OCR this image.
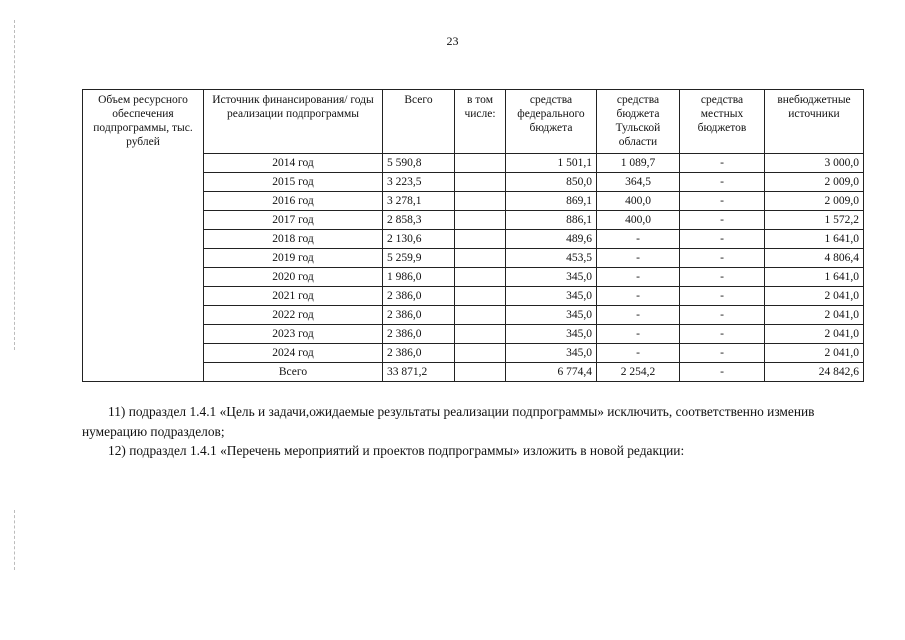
23
Объем ресурсного обеспечения подпрограммы, тыс. рублей	Источник финансирования/ годы реализации подпрограммы	Всего	в том числе:	средства федерального бюджета	средства бюджета Тульской области	средства местных бюджетов	внебюджетные источники
	2014 год	5 590,8		1 501,1	1 089,7	-	3 000,0
	2015 год	3 223,5		850,0	364,5	-	2 009,0
	2016 год	3 278,1		869,1	400,0	-	2 009,0
	2017 год	2 858,3		886,1	400,0	-	1 572,2
	2018 год	2 130,6		489,6	-	-	1 641,0
	2019 год	5 259,9		453,5	-	-	4 806,4
	2020 год	1 986,0		345,0	-	-	1 641,0
	2021 год	2 386,0		345,0	-	-	2 041,0
	2022 год	2 386,0		345,0	-	-	2 041,0
	2023 год	2 386,0		345,0	-	-	2 041,0
	2024 год	2 386,0		345,0	-	-	2 041,0
	Всего	33 871,2		6 774,4	2 254,2	-	24 842,6
11) подраздел 1.4.1 «Цель и задачи,ожидаемые результаты реализации подпрограммы» исключить, соответственно изменив нумерацию подразделов;
12) подраздел 1.4.1 «Перечень мероприятий и проектов подпрограммы» изложить в новой редакции:
